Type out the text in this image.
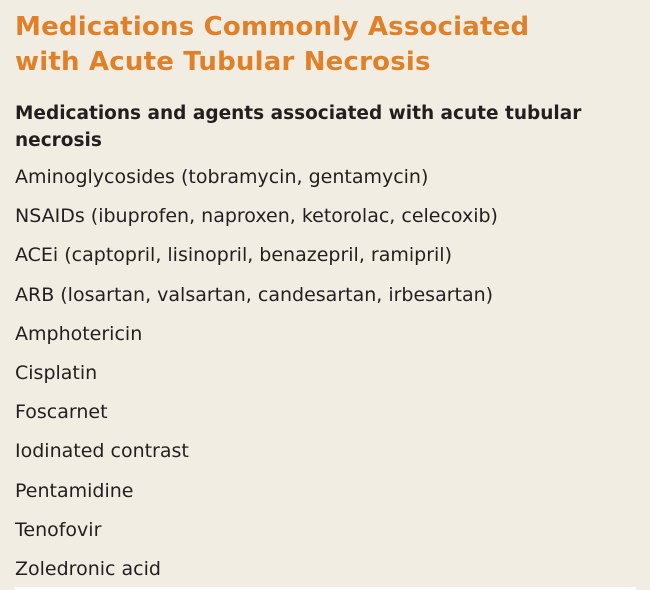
Medications Commonly Associated
with Acute Tubular Necrosis
Medications and agents associated with acute tubular necrosis
Aminoglycosides (tobramycin, gentamycin)
NSAIDs (ibuprofen, naproxen, ketorolac, celecoxib)
ACEi (captopril, lisinopril, benazepril, ramipril)
ARB (losartan, valsartan, candesartan, irbesartan)
Amphotericin
Cisplatin
Foscarnet
Iodinated contrast
Pentamidine
Tenofovir
Zoledronic acid
